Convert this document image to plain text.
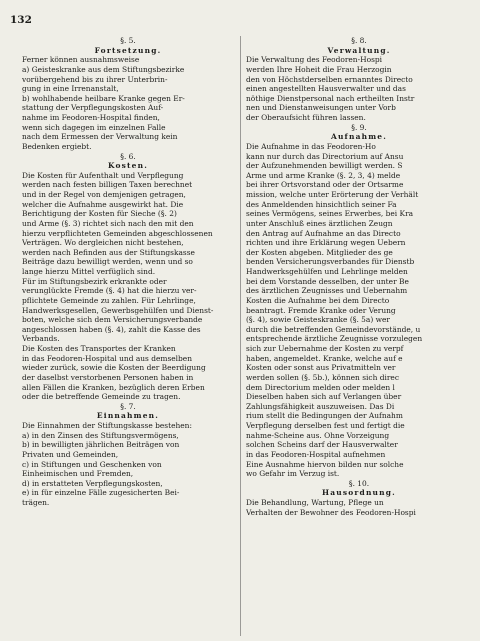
132

§. 5.

Fortsetzung.

Ferner können ausnahmsweise

a) Geisteskranke aus dem Stiftungsbezirke

vorübergehend bis zu ihrer Unterbrin-

gung in eine Irrenanstalt,

b) wohlhabende heilbare Kranke gegen Er-

stattung der Verpflegungskosten Auf-

nahme im Feodoren-Hospital finden,

wenn sich dagegen im einzelnen Falle

nach dem Ermessen der Verwaltung kein

Bedenken ergiebt.

§. 6.

Kosten.

Die Kosten für Aufenthalt und Verpflegung

werden nach festen billigen Taxen berechnet

und in der Regel von demjenigen getragen,

welcher die Aufnahme ausgewirkt hat. Die

Berichtigung der Kosten für Sieche (§. 2)

und Arme (§. 3) richtet sich nach den mit den

hierzu verpflichteten Gemeinden abgeschlossenen

Verträgen. Wo dergleichen nicht bestehen,

werden nach Befinden aus der Stiftungskasse

Beiträge dazu bewilligt werden, wenn und so

lange hierzu Mittel verfüglich sind.

Für im Stiftungsbezirk erkrankte oder

verunglückte Fremde (§. 4) hat die hierzu ver-

pflichtete Gemeinde zu zahlen. Für Lehrlinge,

Handwerksgesellen, Gewerbsgehülfen und Dienst-

boten, welche sich dem Versicherungsverbande

angeschlossen haben (§. 4), zahlt die Kasse des

Verbands.

Die Kosten des Transportes der Kranken

in das Feodoren-Hospital und aus demselben

wieder zurück, sowie die Kosten der Beerdigung

der daselbst verstorbenen Personen haben in

allen Fällen die Kranken, bezüglich deren Erben

oder die betreffende Gemeinde zu tragen.

§. 7.

Einnahmen.

Die Einnahmen der Stiftungskasse bestehen:

a) in den Zinsen des Stiftungsvermögens,

b) in bewilligten jährlichen Beiträgen von

Privaten und Gemeinden,

c) in Stiftungen und Geschenken von

Einheimischen und Fremden,

d) in erstatteten Verpflegungskosten,

e) in für einzelne Fälle zugesicherten Bei-

trägen.

§. 8.

Verwaltung.

Die Verwaltung des Feodoren-Hospi

werden Ihre Hoheit die Frau Herzogin

den von Höchstderselben ernanntes Directo

einen angestellten Hausverwalter und das

nöthige Dienstpersonal nach ertheilten Instr

nen und Dienstanweisungen unter Vorb

der Oberaufsicht führen lassen.

§. 9.

Aufnahme.

Die Aufnahme in das Feodoren-Ho

kann nur durch das Directorium auf Ansu

der Aufzunehmenden bewilligt werden. S

Arme und arme Kranke (§. 2, 3, 4) melde

bei ihrer Ortsvorstand oder der Ortsarme

mission, welche unter Erörterung der Verhält

des Anmeldenden hinsichtlich seiner Fa

seines Vermögens, seines Erwerbes, bei Kra

unter Anschluß eines ärztlichen Zeugn

den Antrag auf Aufnahme an das Directo

richten und ihre Erklärung wegen Uebern

der Kosten abgeben. Mitglieder des ge

benden Versicherungsverbandes für Dienstb

Handwerksgehülfen und Lehrlinge melden

bei dem Vorstande desselben, der unter Be

des ärztlichen Zeugnisses und Uebernahm

Kosten die Aufnahme bei dem Directo

beantragt. Fremde Kranke oder Verung

(§. 4), sowie Geisteskranke (§. 5a) wer

durch die betreffenden Gemeindevorstände, u

entsprechende ärztliche Zeugnisse vorzulegen

sich zur Uebernahme der Kosten zu verpf

haben, angemeldet. Kranke, welche auf e

Kosten oder sonst aus Privatmitteln ver

werden sollen (§. 5b.), können sich direc

dem Directorium melden oder melden l

Dieselben haben sich auf Verlangen über

Zahlungsfähigkeit auszuweisen. Das Di

rium stellt die Bedingungen der Aufnahm

Verpflegung derselben fest und fertigt die

nahme-Scheine aus. Ohne Vorzeigung

solchen Scheins darf der Hausverwalter

in das Feodoren-Hospital aufnehmen

Eine Ausnahme hiervon bilden nur solche

wo Gefahr im Verzug ist.

§. 10.

Hausordnung.

Die Behandlung, Wartung, Pflege un

Verhalten der Bewohner des Feodoren-Hospi
